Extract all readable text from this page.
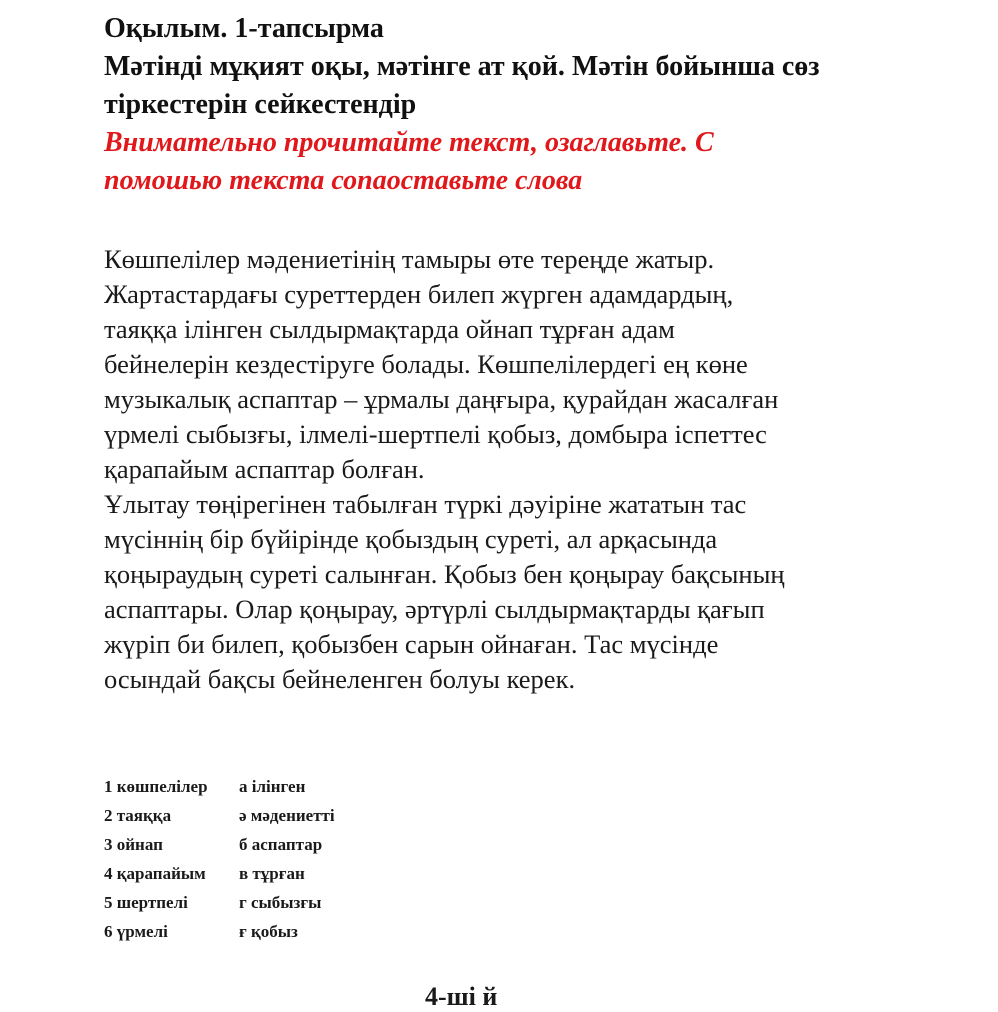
Оқылым. 1-тапсырма
Мәтінді мұқият оқы, мәтінге ат қой. Мәтін бойынша сөз
тіркестерін сейкестендір
Внимательно прочитайте текст, озаглавьте. С
помошью текста сопаоставьте слова
Көшпелілер мәдениетінің тамыры өте тереңде жатыр.
Жартастардағы суреттерден билеп жүрген адамдардың,
таяққа ілінген сылдырмақтарда ойнап тұрған адам
бейнелерін кездестіруге болады. Көшпелілердегі ең көне
музыкалық аспаптар – ұрмалы даңғыра, қурайдан жасалған
үрмелі сыбызғы, ілмелі-шертпелі қобыз, домбыра іспеттес
қарапайым аспаптар болған.
Ұлытау төңірегінен табылған түркі дәуіріне жататын тас
мүсіннің бір бүйірінде қобыздың суреті, ал арқасында
қоңыраудың суреті салынған. Қобыз бен қоңырау бақсының
аспаптары. Олар қоңырау, әртүрлі сылдырмақтарды қағып
жүріп би билеп, қобызбен сарын ойнаған. Тас мүсінде
осындай бақсы бейнеленген болуы керек.
1 көшпелілер	а ілінген
2 таяққа	ә мәдениетті
3 ойнап	б аспаптар
4 қарапайым	в тұрған
5 шертпелі	г сыбызғы
6 үрмелі	ғ қобыз
4-ші й
